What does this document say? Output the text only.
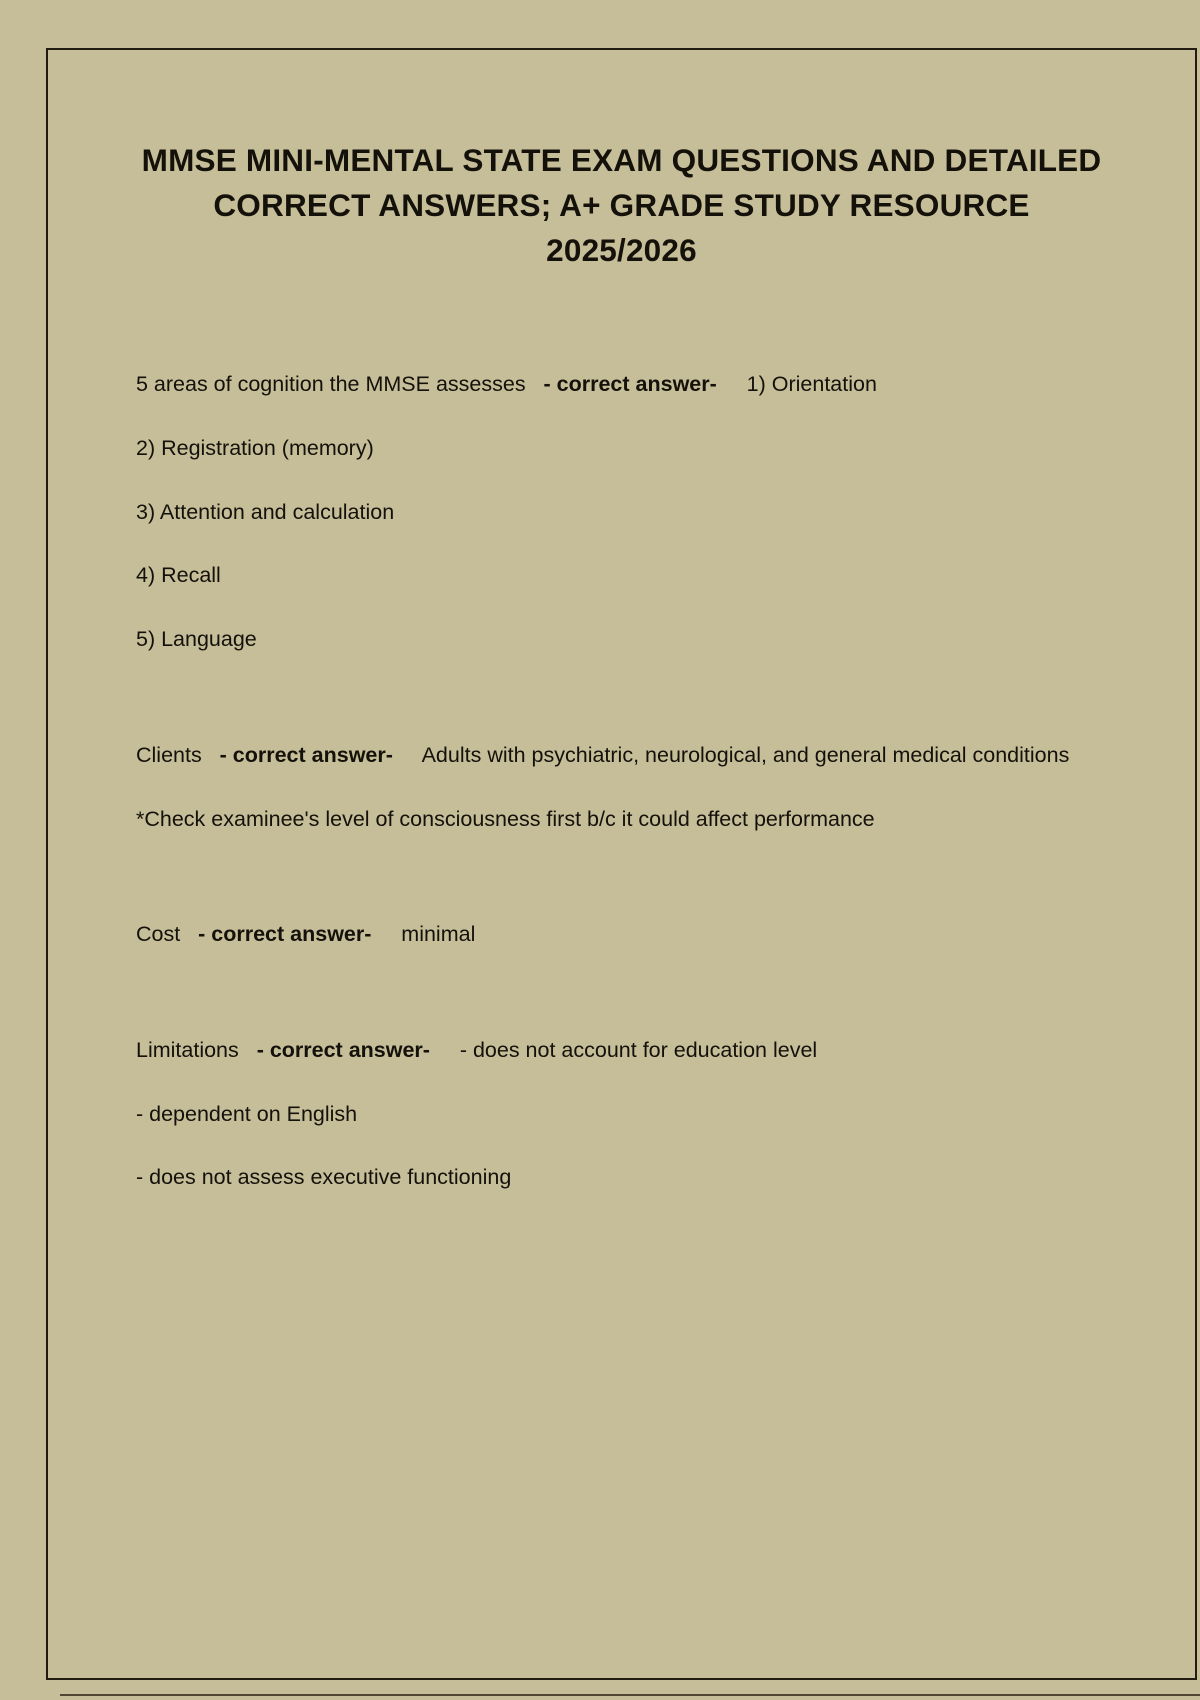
MMSE MINI-MENTAL STATE EXAM QUESTIONS AND DETAILED CORRECT ANSWERS; A+ GRADE STUDY RESOURCE 2025/2026

5 areas of cognition the MMSE assesses - correct answer- 1) Orientation

2) Registration (memory)

3) Attention and calculation

4) Recall

5) Language

Clients - correct answer- Adults with psychiatric, neurological, and general medical conditions

*Check examinee's level of consciousness first b/c it could affect performance

Cost - correct answer- minimal

Limitations - correct answer- - does not account for education level

- dependent on English

- does not assess executive functioning
